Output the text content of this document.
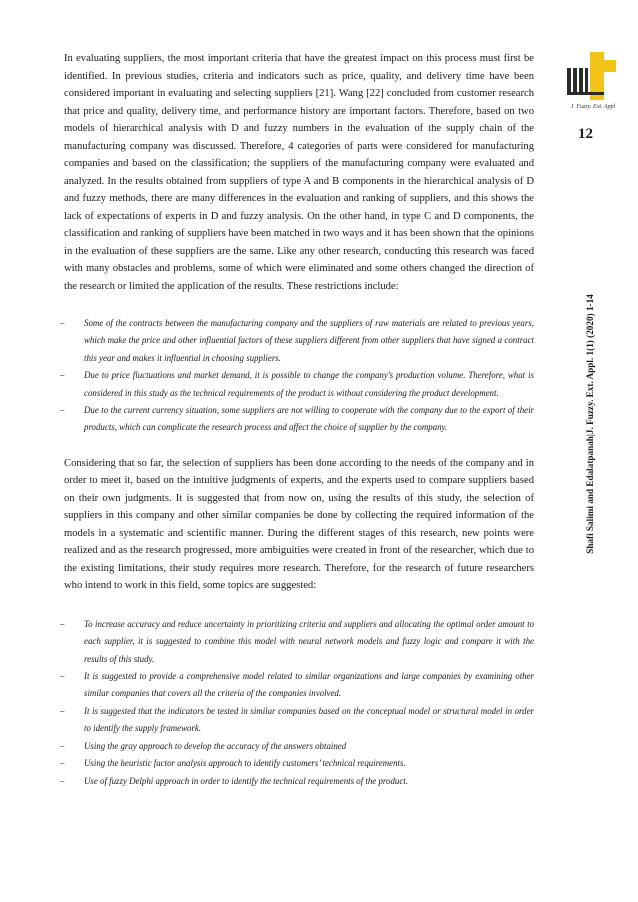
In evaluating suppliers, the most important criteria that have the greatest impact on this process must first be identified. In previous studies, criteria and indicators such as price, quality, and delivery time have been considered important in evaluating and selecting suppliers [21]. Wang [22] concluded from customer research that price and quality, delivery time, and performance history are important factors. Therefore, based on two models of hierarchical analysis with D and fuzzy numbers in the evaluation of the supply chain of the manufacturing company was discussed. Therefore, 4 categories of parts were considered for manufacturing companies and based on the classification; the suppliers of the manufacturing company were evaluated and analyzed. In the results obtained from suppliers of type A and B components in the hierarchical analysis of D and fuzzy methods, there are many differences in the evaluation and ranking of suppliers, and this shows the lack of expectations of experts in D and fuzzy analysis. On the other hand, in type C and D components, the classification and ranking of suppliers have been matched in two ways and it has been shown that the opinions in the evaluation of these suppliers are the same. Like any other research, conducting this research was faced with many obstacles and problems, some of which were eliminated and some others changed the direction of the research or limited the application of the results. These restrictions include:

– Some of the contracts between the manufacturing company and the suppliers of raw materials are related to previous years, which make the price and other influential factors of these suppliers different from other suppliers that have signed a contract this year and makes it influential in choosing suppliers.
– Due to price fluctuations and market demand, it is possible to change the company’s production volume. Therefore, what is considered in this study as the technical requirements of the product is without considering the product development.
– Due to the current currency situation, some suppliers are not willing to cooperate with the company due to the export of their products, which can complicate the research process and affect the choice of supplier by the company.

Considering that so far, the selection of suppliers has been done according to the needs of the company and in order to meet it, based on the intuitive judgments of experts, and the experts used to compare suppliers based on their own judgments. It is suggested that from now on, using the results of this study, the selection of suppliers in this company and other similar companies be done by collecting the required information of the models in a systematic and scientific manner. During the different stages of this research, new points were realized and as the research progressed, more ambiguities were created in front of the researcher, which due to the existing limitations, their study requires more research. Therefore, for the research of future researchers who intend to work in this field, some topics are suggested:

– To increase accuracy and reduce uncertainty in prioritizing criteria and suppliers and allocating the optimal order amount to each supplier, it is suggested to combine this model with neural network models and fuzzy logic and compare it with the results of this study.
– It is suggested to provide a comprehensive model related to similar organizations and large companies by examining other similar companies that covers all the criteria of the companies involved.
– It is suggested that the indicators be tested in similar companies based on the conceptual model or structural model in order to identify the supply framework.
– Using the gray approach to develop the accuracy of the answers obtained
– Using the heuristic factor analysis approach to identify customers’ technical requirements.
– Use of fuzzy Delphi approach in order to identify the technical requirements of the product.
J. Fuzzy. Ext. Appl
12
Shafi Salimi and Edalatpanah|J. Fuzzy. Ext. Appl. 1(1) (2020) 1-14
